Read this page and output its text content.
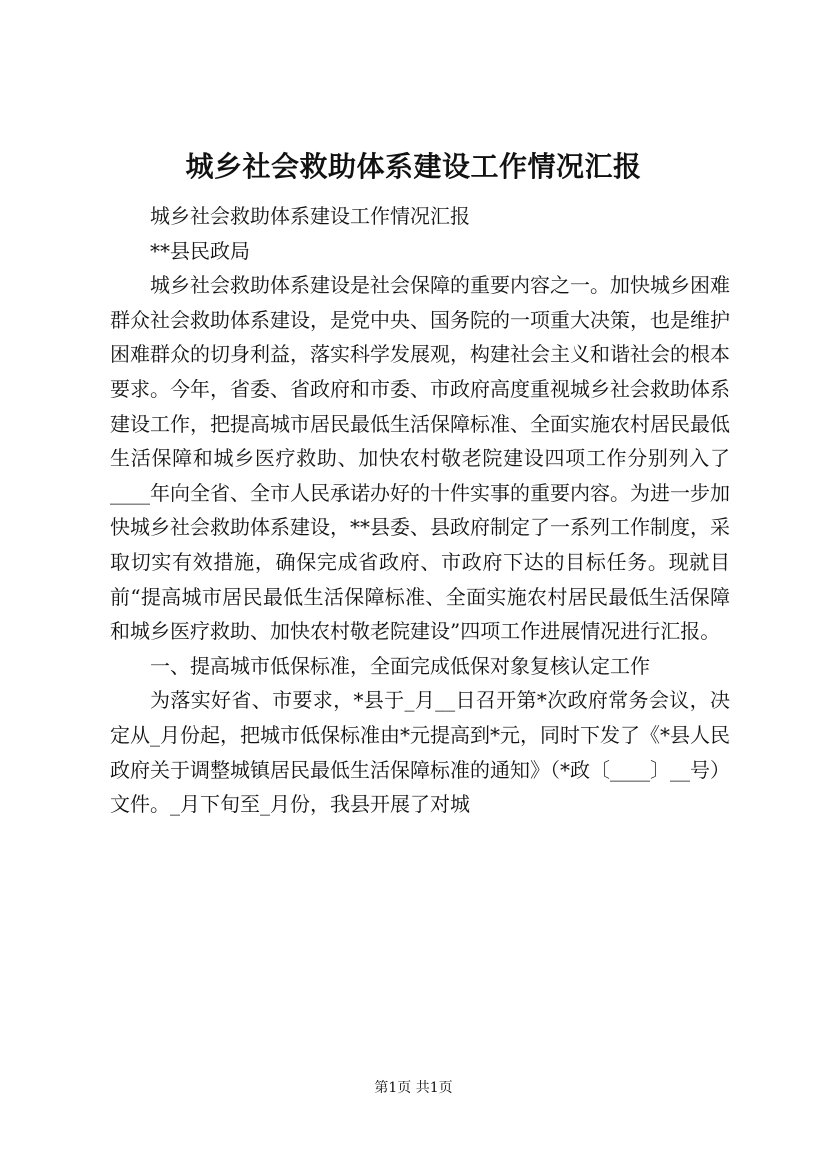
城乡社会救助体系建设工作情况汇报

城乡社会救助体系建设工作情况汇报

**县民政局

城乡社会救助体系建设是社会保障的重要内容之一。加快城乡困难群众社会救助体系建设，是党中央、国务院的一项重大决策，也是维护困难群众的切身利益，落实科学发展观，构建社会主义和谐社会的根本要求。今年，省委、省政府和市委、市政府高度重视城乡社会救助体系建设工作，把提高城市居民最低生活保障标准、全面实施农村居民最低生活保障和城乡医疗救助、加快农村敬老院建设四项工作分别列入了____年向全省、全市人民承诺办好的十件实事的重要内容。为进一步加快城乡社会救助体系建设，**县委、县政府制定了一系列工作制度，采取切实有效措施，确保完成省政府、市政府下达的目标任务。现就目前“提高城市居民最低生活保障标准、全面实施农村居民最低生活保障和城乡医疗救助、加快农村敬老院建设”四项工作进展情况进行汇报。

一、提高城市低保标准，全面完成低保对象复核认定工作

为落实好省、市要求，*县于_月__日召开第*次政府常务会议，决定从_月份起，把城市低保标准由*元提高到*元，同时下发了《*县人民政府关于调整城镇居民最低生活保障标准的通知》（*政〔____〕__号）文件。_月下旬至_月份，我县开展了对城

第1页 共1页
